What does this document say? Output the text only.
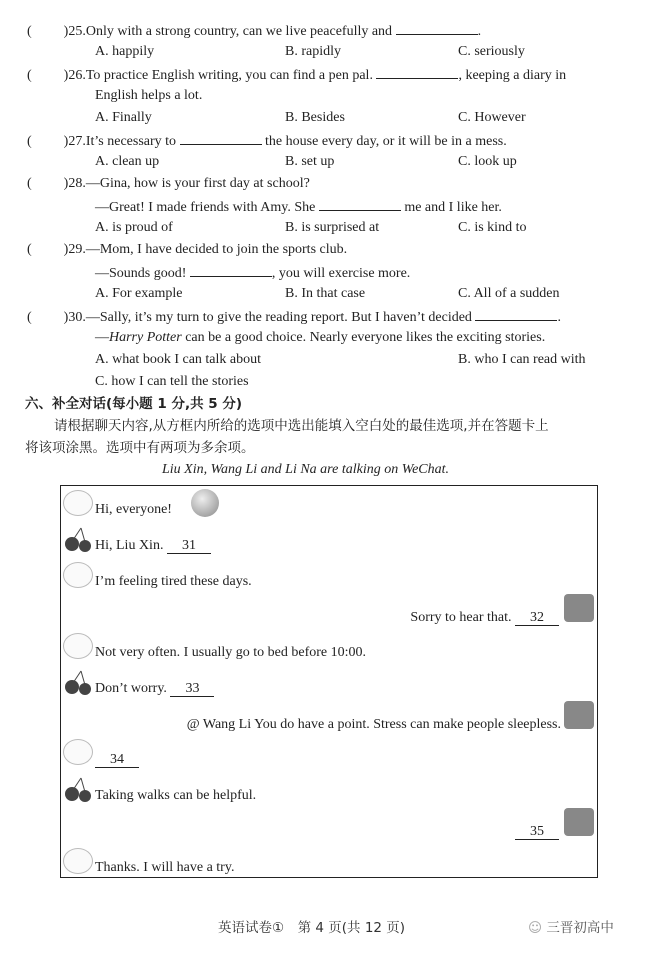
( )25.Only with a strong country, can we live peacefully and	.
A. happily	B. rapidly	C. seriously
( )26.To practice English writing, you can find a pen pal.	, keeping a diary in
English helps a lot.
A. Finally	B. Besides	C. However
( )27.It’s necessary to	the house every day, or it will be in a mess.
A. clean up	B. set up	C. look up
( )28.—Gina, how is your first day at school?
—Great! I made friends with Amy. She	me and I like her.
A. is proud of	B. is surprised at	C. is kind to
( )29.—Mom, I have decided to join the sports club.
—Sounds good!	, you will exercise more.
A. For example	B. In that case	C. All of a sudden
( )30.—Sally, it’s my turn to give the reading report. But I haven’t decided	.
—Harry Potter can be a good choice. Nearly everyone likes the exciting stories.
A. what book I can talk about	B. who I can read with
C. how I can tell the stories
六、补全对话(每小题 1 分,共 5 分)
请根据聊天内容,从方框内所给的选项中选出能填入空白处的最佳选项,并在答题卡上
将该项涂黑。选项中有两项为多余项。
Liu Xin, Wang Li and Li Na are talking on WeChat.
Hi, everyone!
Hi, Liu Xin. 31
I’m feeling tired these days.
Sorry to hear that. 32
Not very often. I usually go to bed before 10:00.
Don’t worry. 33
@ Wang Li You do have a point. Stress can make people sleepless.
34
Taking walks can be helpful.
35
Thanks. I will have a try.
英语试卷①　第 4 页(共 12 页)	☺ 三晋初高中
